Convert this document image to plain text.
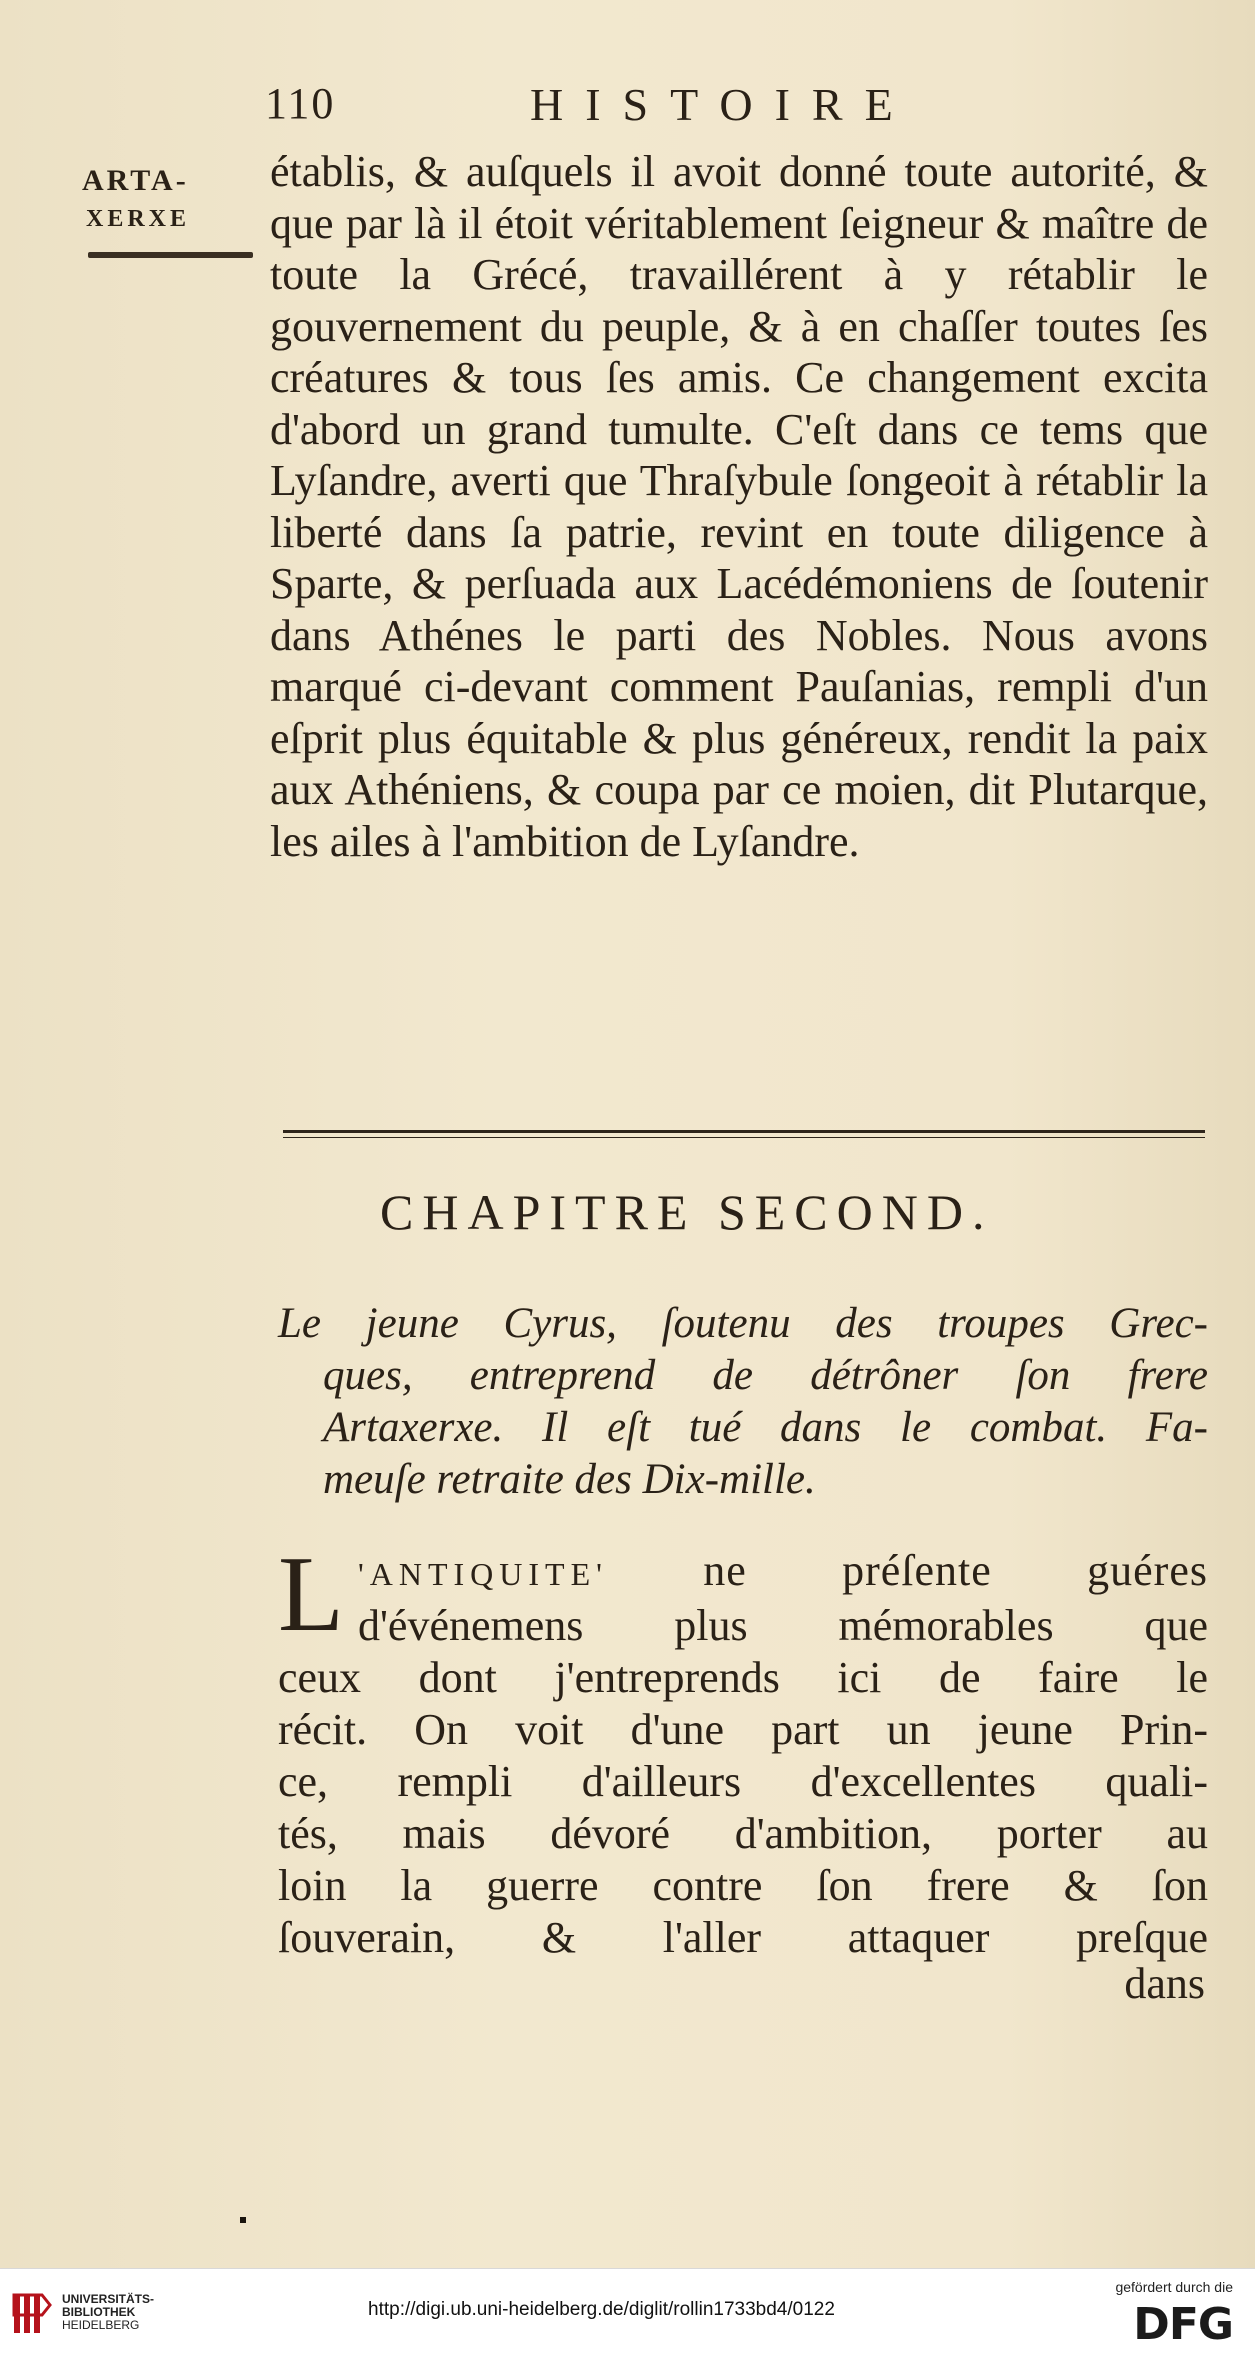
110	HISTOIRE
ARTA-
XERXE
établis, & auſquels il avoit donné toute autorité, & que par là il étoit véritablement ſeigneur & maître de toute la Grécé, travaillérent à y rétablir le gouvernement du peuple, & à en chaſſer toutes ſes créatures & tous ſes amis. Ce changement excita d'abord un grand tumulte. C'eſt dans ce tems que Lyſandre, averti que Thraſybule ſongeoit à rétablir la liberté dans ſa patrie, revint en toute diligence à Sparte, & perſuada aux Lacédémoniens de ſoutenir dans Athénes le parti des Nobles. Nous avons marqué ci-devant comment Pauſanias, rempli d'un eſprit plus équitable & plus généreux, rendit la paix aux Athéniens, & coupa par ce moien, dit Plutarque, les ailes à l'ambition de Lyſandre.
CHAPITRE SECOND.
Le jeune Cyrus, ſoutenu des troupes Grec-
ques, entreprend de détrôner ſon frere
Artaxerxe. Il eſt tué dans le combat. Fa-
meuſe retraite des Dix-mille.
L 'ANTIQUITE' ne préſente guéres
d'événemens plus mémorables que
ceux dont j'entreprends ici de faire le
récit. On voit d'une part un jeune Prin-
ce, rempli d'ailleurs d'excellentes quali-
tés, mais dévoré d'ambition, porter au
loin la guerre contre ſon frere & ſon
ſouverain, & l'aller attaquer preſque
dans
UNIVERSITÄTS-
BIBLIOTHEK
HEIDELBERG
http://digi.ub.uni-heidelberg.de/diglit/rollin1733bd4/0122
gefördert durch die
DFG
